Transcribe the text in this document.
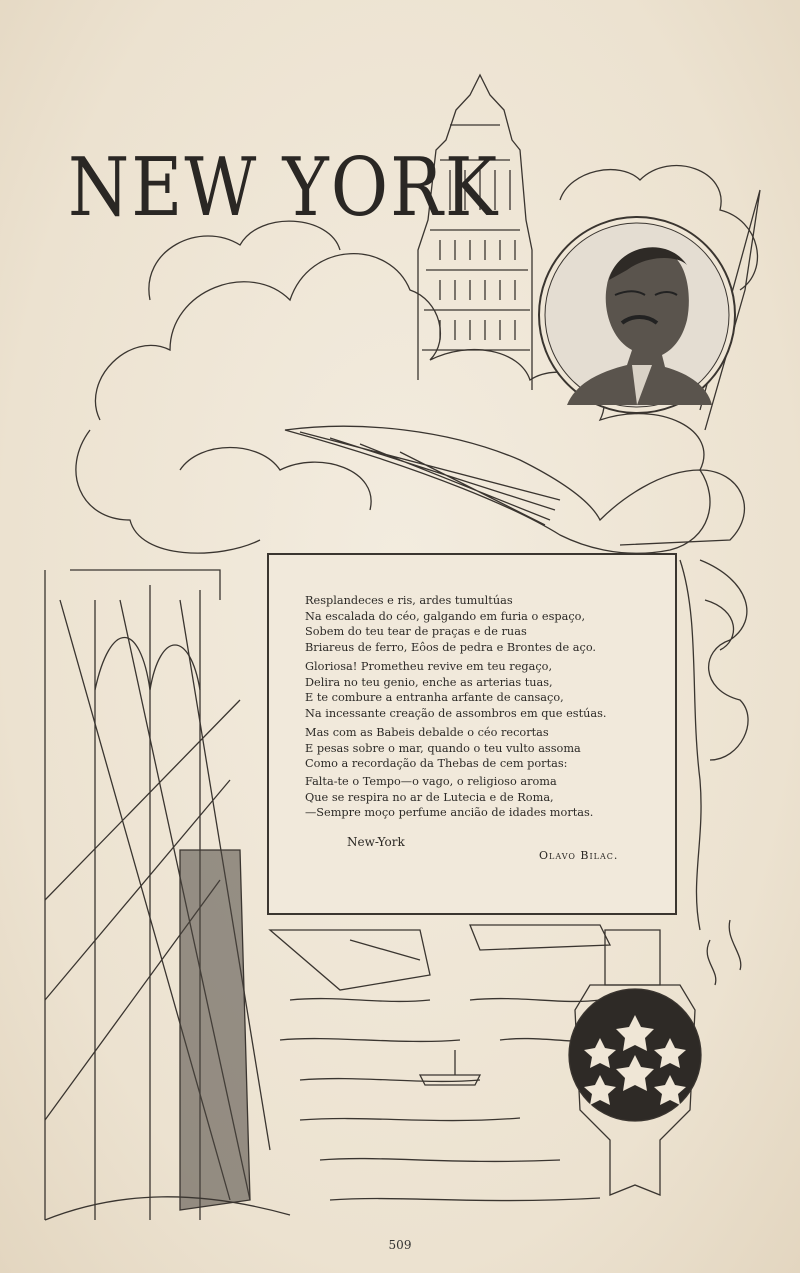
NEW YORK
Resplandeces e ris, ardes tumultúas
Na escalada do céo, galgando em furia o espaço,
Sobem do teu tear de praças e de ruas
Briareus de ferro, Eôos de pedra e Brontes de aço.
Gloriosa! Prometheu revive em teu regaço,
Delira no teu genio, enche as arterias tuas,
E te combure a entranha arfante de cansaço,
Na incessante creação de assombros em que estúas.
Mas com as Babeis debalde o céo recortas
E pesas sobre o mar, quando o teu vulto assoma
Como a recordação da Thebas de cem portas:
Falta-te o Tempo—o vago, o religioso aroma
Que se respira no ar de Lutecia e de Roma,
—Sempre moço perfume ancião de idades mortas.
New-York
Olavo Bilac.
509
